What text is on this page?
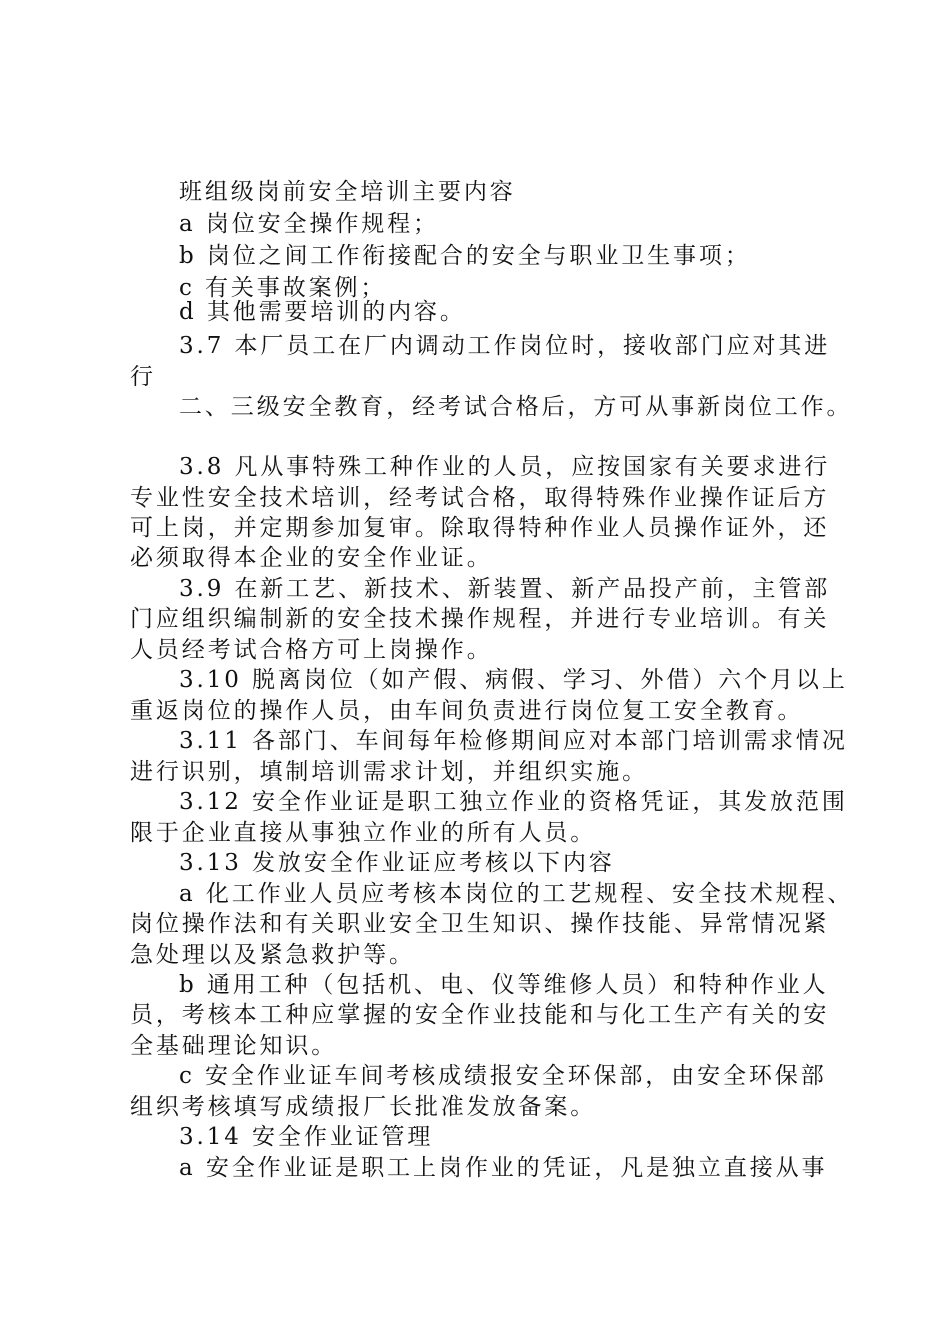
班组级岗前安全培训主要内容
a 岗位安全操作规程；
b 岗位之间工作衔接配合的安全与职业卫生事项；
c 有关事故案例；
d 其他需要培训的内容。
3.7 本厂员工在厂内调动工作岗位时，接收部门应对其进
行
二、三级安全教育，经考试合格后，方可从事新岗位工作。
3.8 凡从事特殊工种作业的人员，应按国家有关要求进行
专业性安全技术培训，经考试合格，取得特殊作业操作证后方
可上岗，并定期参加复审。除取得特种作业人员操作证外，还
必须取得本企业的安全作业证。
3.9 在新工艺、新技术、新装置、新产品投产前，主管部
门应组织编制新的安全技术操作规程，并进行专业培训。有关
人员经考试合格方可上岗操作。
3.10 脱离岗位（如产假、病假、学习、外借）六个月以上
重返岗位的操作人员，由车间负责进行岗位复工安全教育。
3.11 各部门、车间每年检修期间应对本部门培训需求情况
进行识别，填制培训需求计划，并组织实施。
3.12 安全作业证是职工独立作业的资格凭证，其发放范围
限于企业直接从事独立作业的所有人员。
3.13 发放安全作业证应考核以下内容
a 化工作业人员应考核本岗位的工艺规程、安全技术规程、
岗位操作法和有关职业安全卫生知识、操作技能、异常情况紧
急处理以及紧急救护等。
b 通用工种（包括机、电、仪等维修人员）和特种作业人
员，考核本工种应掌握的安全作业技能和与化工生产有关的安
全基础理论知识。
c 安全作业证车间考核成绩报安全环保部，由安全环保部
组织考核填写成绩报厂长批准发放备案。
3.14 安全作业证管理
a 安全作业证是职工上岗作业的凭证，凡是独立直接从事
